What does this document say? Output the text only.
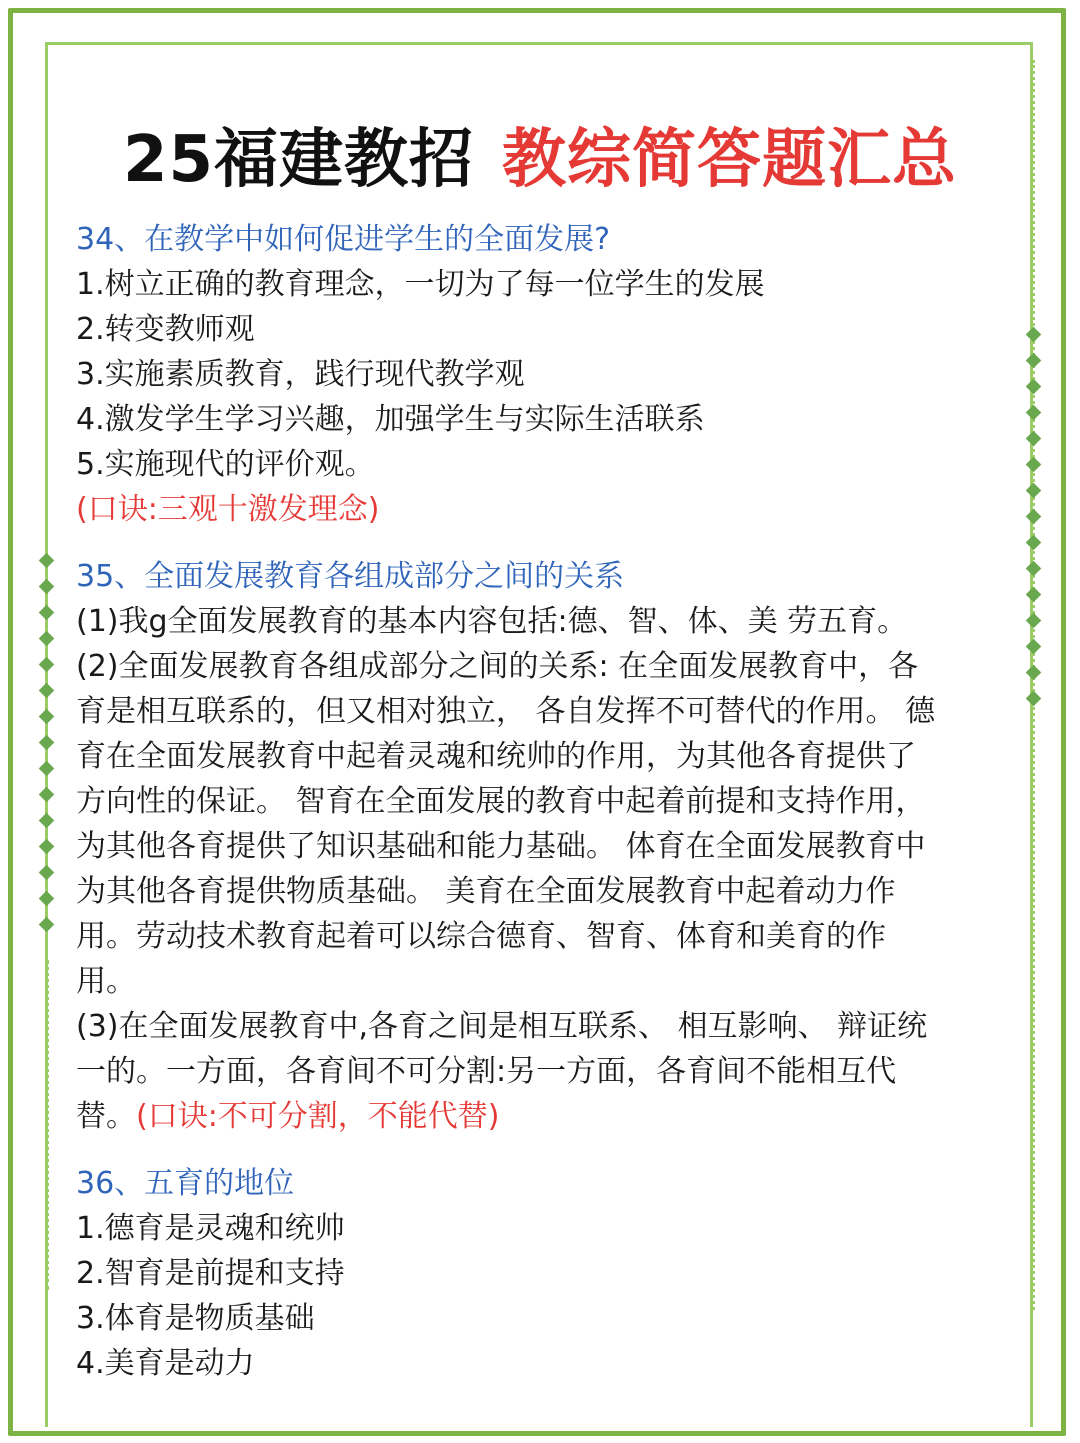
25福建教招 教综简答题汇总
34、在教学中如何促进学生的全面发展?
1.树立正确的教育理念，一切为了每一位学生的发展
2.转变教师观
3.实施素质教育，践行现代教学观
4.激发学生学习兴趣，加强学生与实际生活联系
5.实施现代的评价观。
(口诀:三观十激发理念)
35、全面发展教育各组成部分之间的关系
(1)我g全面发展教育的基本内容包括:德、智、体、美 劳五育。
(2)全面发展教育各组成部分之间的关系: 在全面发展教育中，各
育是相互联系的，但又相对独立， 各自发挥不可替代的作用。 德
育在全面发展教育中起着灵魂和统帅的作用，为其他各育提供了
方向性的保证。 智育在全面发展的教育中起着前提和支持作用，
为其他各育提供了知识基础和能力基础。 体育在全面发展教育中
为其他各育提供物质基础。 美育在全面发展教育中起着动力作
用。劳动技术教育起着可以综合德育、智育、体育和美育的作
用。
(3)在全面发展教育中,各育之间是相互联系、 相互影响、 辩证统
一的。一方面，各育间不可分割:另一方面，各育间不能相互代
替。(口诀:不可分割，不能代替)
36、五育的地位
1.德育是灵魂和统帅
2.智育是前提和支持
3.体育是物质基础
4.美育是动力
